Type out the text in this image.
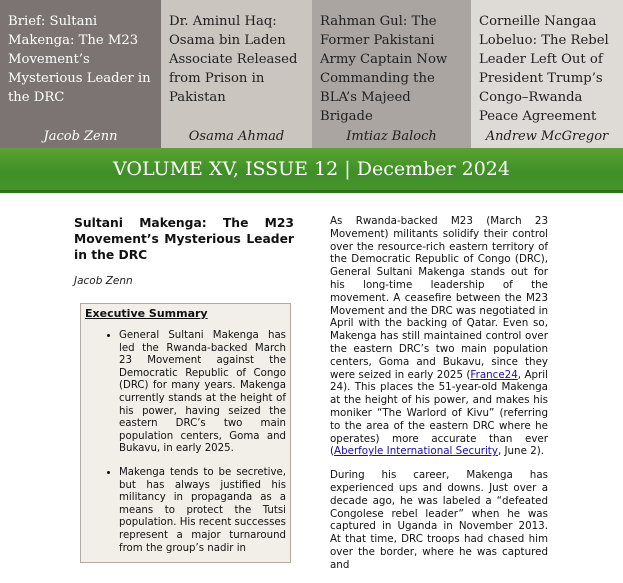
Brief: Sultani Makenga: The M23 Movement’s Mysterious Leader in the DRC
Jacob Zenn
Dr. Aminul Haq: Osama bin Laden Associate Released from Prison in Pakistan
Osama Ahmad
Rahman Gul: The Former Pakistani Army Captain Now Commanding the BLA’s Majeed Brigade
Imtiaz Baloch
Corneille Nangaa Lobeluo: The Rebel Leader Left Out of President Trump’s Congo–Rwanda Peace Agreement
Andrew McGregor
VOLUME XV, ISSUE 12 | December 2024
Sultani Makenga: The M23 Movement’s Mysterious Leader in the DRC
Jacob Zenn
Executive Summary
• General Sultani Makenga has led the Rwanda-backed March 23 Movement against the Democratic Republic of Congo (DRC) for many years. Makenga currently stands at the height of his power, having seized the eastern DRC’s two main population centers, Goma and Bukavu, in early 2025.
• Makenga tends to be secretive, but has always justified his militancy in propaganda as a means to protect the Tutsi population. His recent successes represent a major turnaround from the group’s nadir in

As Rwanda-backed M23 (March 23 Movement) militants solidify their control over the resource-rich eastern territory of the Democratic Republic of Congo (DRC), General Sultani Makenga stands out for his long-time leadership of the movement. A ceasefire between the M23 Movement and the DRC was negotiated in April with the backing of Qatar. Even so, Makenga has still maintained control over the eastern DRC’s two main population centers, Goma and Bukavu, since they were seized in early 2025 (France24, April 24). This places the 51-year-old Makenga at the height of his power, and makes his moniker “The Warlord of Kivu” (referring to the area of the eastern DRC where he operates) more accurate than ever (Aberfoyle International Security, June 2).

During his career, Makenga has experienced ups and downs. Just over a decade ago, he was labeled a “defeated Congolese rebel leader” when he was captured in Uganda in November 2013. At that time, DRC troops had chased him over the border, where he was captured and
